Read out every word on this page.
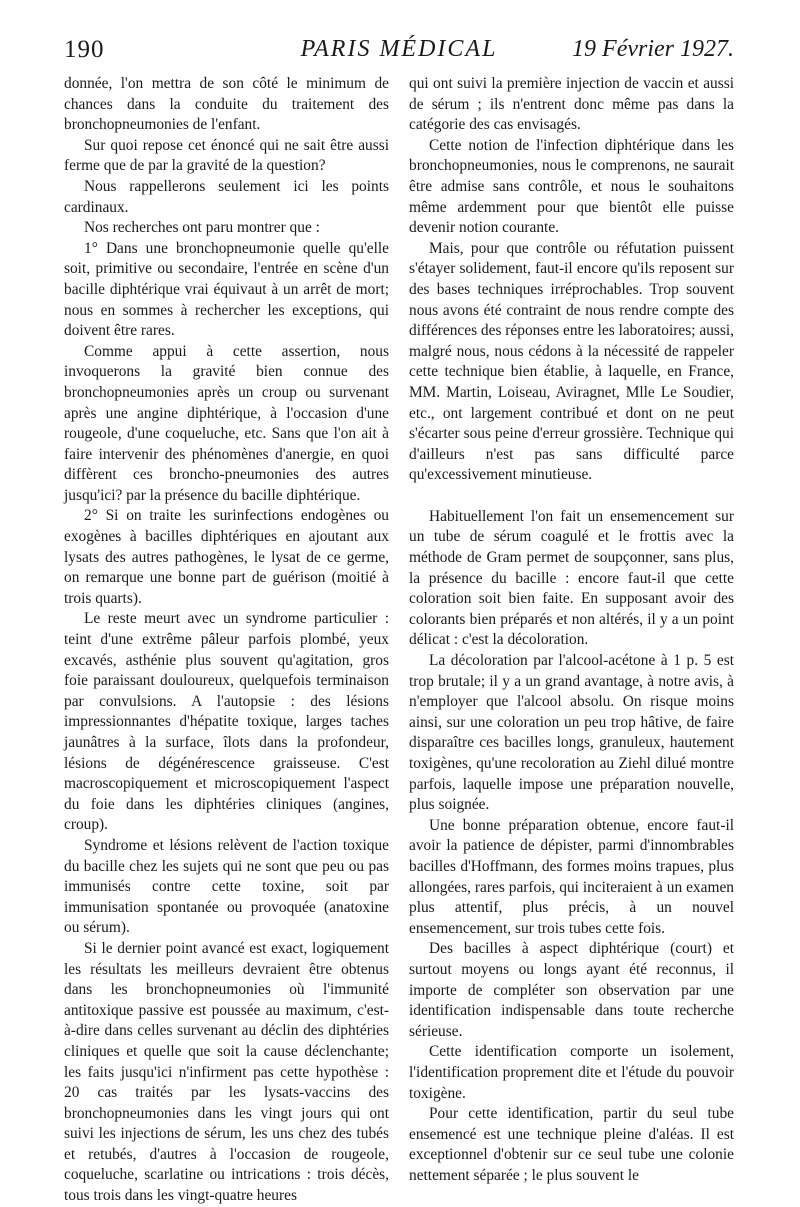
190	PARIS MÉDICAL	19 Février 1927.

donnée, l'on mettra de son côté le minimum de chances dans la conduite du traitement des bronchopneumonies de l'enfant.

Sur quoi repose cet énoncé qui ne sait être aussi ferme que de par la gravité de la question?

Nous rappellerons seulement ici les points cardinaux.

Nos recherches ont paru montrer que :

1° Dans une bronchopneumonie quelle qu'elle soit, primitive ou secondaire, l'entrée en scène d'un bacille diphtérique vrai équivaut à un arrêt de mort; nous en sommes à rechercher les exceptions, qui doivent être rares.

Comme appui à cette assertion, nous invoquerons la gravité bien connue des bronchopneumonies après un croup ou survenant après une angine diphtérique, à l'occasion d'une rougeole, d'une coqueluche, etc. Sans que l'on ait à faire intervenir des phénomènes d'anergie, en quoi diffèrent ces broncho-pneumonies des autres jusqu'ici? par la présence du bacille diphtérique.

2° Si on traite les surinfections endogènes ou exogènes à bacilles diphtériques en ajoutant aux lysats des autres pathogènes, le lysat de ce germe, on remarque une bonne part de guérison (moitié à trois quarts).

Le reste meurt avec un syndrome particulier : teint d'une extrême pâleur parfois plombé, yeux excavés, asthénie plus souvent qu'agitation, gros foie paraissant douloureux, quelquefois terminaison par convulsions. A l'autopsie : des lésions impressionnantes d'hépatite toxique, larges taches jaunâtres à la surface, îlots dans la profondeur, lésions de dégénérescence graisseuse. C'est macroscopiquement et microscopiquement l'aspect du foie dans les diphtéries cliniques (angines, croup).

Syndrome et lésions relèvent de l'action toxique du bacille chez les sujets qui ne sont que peu ou pas immunisés contre cette toxine, soit par immunisation spontanée ou provoquée (anatoxine ou sérum).

Si le dernier point avancé est exact, logiquement les résultats les meilleurs devraient être obtenus dans les bronchopneumonies où l'immunité antitoxique passive est poussée au maximum, c'est-à-dire dans celles survenant au déclin des diphtéries cliniques et quelle que soit la cause déclenchante; les faits jusqu'ici n'infirment pas cette hypothèse : 20 cas traités par les lysats-vaccins des bronchopneumonies dans les vingt jours qui ont suivi les injections de sérum, les uns chez des tubés et retubés, d'autres à l'occasion de rougeole, coqueluche, scarlatine ou intrications : trois décès, tous trois dans les vingt-quatre heures

qui ont suivi la première injection de vaccin et aussi de sérum ; ils n'entrent donc même pas dans la catégorie des cas envisagés.

Cette notion de l'infection diphtérique dans les bronchopneumonies, nous le comprenons, ne saurait être admise sans contrôle, et nous le souhaitons même ardemment pour que bientôt elle puisse devenir notion courante.

Mais, pour que contrôle ou réfutation puissent s'étayer solidement, faut-il encore qu'ils reposent sur des bases techniques irréprochables. Trop souvent nous avons été contraint de nous rendre compte des différences des réponses entre les laboratoires; aussi, malgré nous, nous cédons à la nécessité de rappeler cette technique bien établie, à laquelle, en France, MM. Martin, Loiseau, Aviragnet, Mlle Le Soudier, etc., ont largement contribué et dont on ne peut s'écarter sous peine d'erreur grossière. Technique qui d'ailleurs n'est pas sans difficulté parce qu'excessivement minutieuse.

Habituellement l'on fait un ensemencement sur un tube de sérum coagulé et le frottis avec la méthode de Gram permet de soupçonner, sans plus, la présence du bacille : encore faut-il que cette coloration soit bien faite. En supposant avoir des colorants bien préparés et non altérés, il y a un point délicat : c'est la décoloration.

La décoloration par l'alcool-acétone à 1 p. 5 est trop brutale; il y a un grand avantage, à notre avis, à n'employer que l'alcool absolu. On risque moins ainsi, sur une coloration un peu trop hâtive, de faire disparaître ces bacilles longs, granuleux, hautement toxigènes, qu'une recoloration au Ziehl dilué montre parfois, laquelle impose une préparation nouvelle, plus soignée.

Une bonne préparation obtenue, encore faut-il avoir la patience de dépister, parmi d'innombrables bacilles d'Hoffmann, des formes moins trapues, plus allongées, rares parfois, qui inciteraient à un examen plus attentif, plus précis, à un nouvel ensemencement, sur trois tubes cette fois.

Des bacilles à aspect diphtérique (court) et surtout moyens ou longs ayant été reconnus, il importe de compléter son observation par une identification indispensable dans toute recherche sérieuse.

Cette identification comporte un isolement, l'identification proprement dite et l'étude du pouvoir toxigène.

Pour cette identification, partir du seul tube ensemencé est une technique pleine d'aléas. Il est exceptionnel d'obtenir sur ce seul tube une colonie nettement séparée ; le plus souvent le
